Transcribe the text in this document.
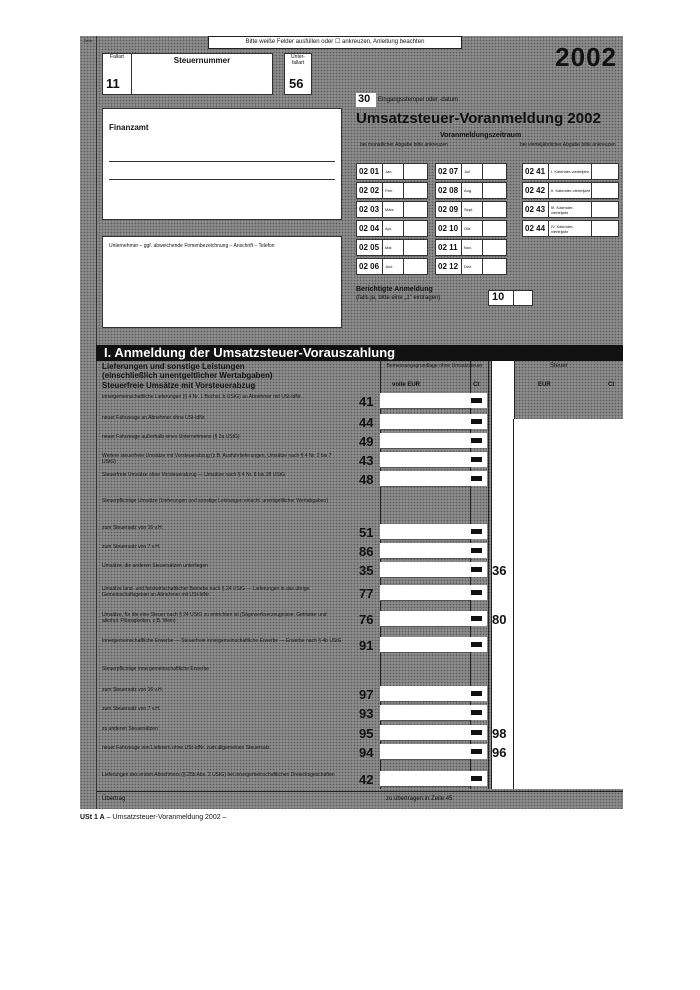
Zeile	Bitte weiße Felder ausfüllen oder ☐ ankreuzen, Anleitung beachten	2002
Fallart
11
Steuernummer	Unter-fallart
56
30	Eingangsstempel oder -datum
Umsatzsteuer-Voranmeldung 2002
Voranmeldungszeitraum
bei monatlicher Abgabe bitte ankreuzen	bei vierteljährlicher Abgabe bitte ankreuzen
Finanzamt
Unternehmer – ggf. abweichende Firmenbezeichnung – Anschrift – Telefon
02 01	Jan.
02 02	Feb.
02 03	März
02 04	Apr.
02 05	Mai
02 06	Juni
02 07	Juli
02 08	Aug.
02 09	Sept.
02 10	Okt.
02 11	Nov.
02 12	Dez.
02 41	I. Kalender-vierteljahr
02 42	II. Kalender-vierteljahr
02 43	III. Kalender-vierteljahr
02 44	IV. Kalender-vierteljahr
Berichtigte Anmeldung
(falls ja, bitte eine „1“ eintragen)	10
I. Anmeldung der Umsatzsteuer-Vorauszahlung
Bemessungsgrundlage ohne Umsatzsteuer
volle EUR	Ct
Steuer
EUR	Ct
Lieferungen und sonstige Leistungen
(einschließlich unentgeltlicher Wertabgaben)
Steuerfreie Umsätze mit Vorsteuerabzug
Innergemeinschaftliche Lieferungen (§ 4 Nr. 1 Buchst. b UStG) an Abnehmer mit USt-IdNr.	41
neuer Fahrzeuge an Abnehmer ohne USt-IdNr.	44
neuer Fahrzeuge außerhalb eines Unternehmens (§ 2a UStG)	49
Weitere steuerfreie Umsätze mit Vorsteuerabzug (z.B. Ausfuhrlieferungen, Umsätze nach § 4 Nr. 2 bis 7 UStG)	43
Steuerfreie Umsätze ohne Vorsteuerabzug — Umsätze nach § 4 Nr. 8 bis 28 UStG	48
Steuerpflichtige Umsätze (Lieferungen und sonstige Leistungen einschl. unentgeltlicher Wertabgaben)
zum Steuersatz von 16 v.H.	51
zum Steuersatz von 7 v.H.	86
Umsätze, die anderen Steuersätzen unterliegen	35	36
Umsätze land- und forstwirtschaftlicher Betriebe nach § 24 UStG — Lieferungen in das übrige Gemeinschaftsgebiet an Abnehmer mit USt-IdNr.	77
Umsätze, für die eine Steuer nach § 24 UStG zu entrichten ist (Sägewerkserzeugnisse, Getränke und alkohol. Flüssigkeiten, z.B. Wein)	76	80
Innergemeinschaftliche Erwerbe — Steuerfreie innergemeinschaftliche Erwerbe — Erwerbe nach § 4b UStG 91
Steuerpflichtige innergemeinschaftliche Erwerbe
zum Steuersatz von 16 v.H.	97
zum Steuersatz von 7 v.H.	93
zu anderen Steuersätzen	95	98
neuer Fahrzeuge von Lieferern ohne USt-IdNr. zum allgemeinen Steuersatz	94	96
Lieferungen des ersten Abnehmers (§ 25b Abs. 2 UStG) bei innergemeinschaftlichen Dreiecksgeschäften	42
Übertrag	zu übertragen in Zeile 45
USt 1 A – Umsatzsteuer-Voranmeldung 2002 –
